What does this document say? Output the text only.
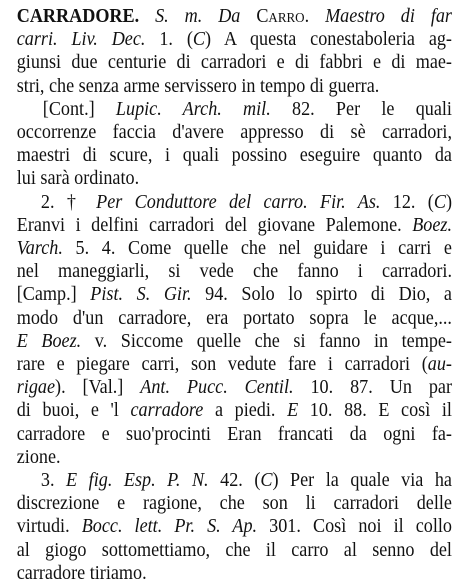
CARRADORE. S. m. Da Carro. Maestro di far
carri. Liv. Dec. 1. (C) A questa conestaboleria ag-
giunsi due centurie di carradori e di fabbri e di mae-
stri, che senza arme servissero in tempo di guerra.
[Cont.] Lupic. Arch. mil. 82. Per le quali
occorrenze faccia d'avere appresso di sè carradori,
maestri di scure, i quali possino eseguire quanto da
lui sarà ordinato.
2. † Per Conduttore del carro. Fir. As. 12. (C)
Eranvi i delfini carradori del giovane Palemone. Boez.
Varch. 5. 4. Come quelle che nel guidare i carri e
nel maneggiarli, si vede che fanno i carradori.
[Camp.] Pist. S. Gir. 94. Solo lo spirto di Dio, a
modo d'un carradore, era portato sopra le acque,...
E Boez. v. Siccome quelle che si fanno in tempe-
rare e piegare carri, son vedute fare i carradori (au-
rigae). [Val.] Ant. Pucc. Centil. 10. 87. Un par
di buoi, e 'l carradore a piedi. E 10. 88. E così il
carradore e suo'procinti Eran francati da ogni fa-
zione.
3. E fig. Esp. P. N. 42. (C) Per la quale via ha
discrezione e ragione, che son li carradori delle
virtudi. Bocc. lett. Pr. S. Ap. 301. Così noi il collo
al giogo sottomettiamo, che il carro al senno del
carradore tiriamo.
